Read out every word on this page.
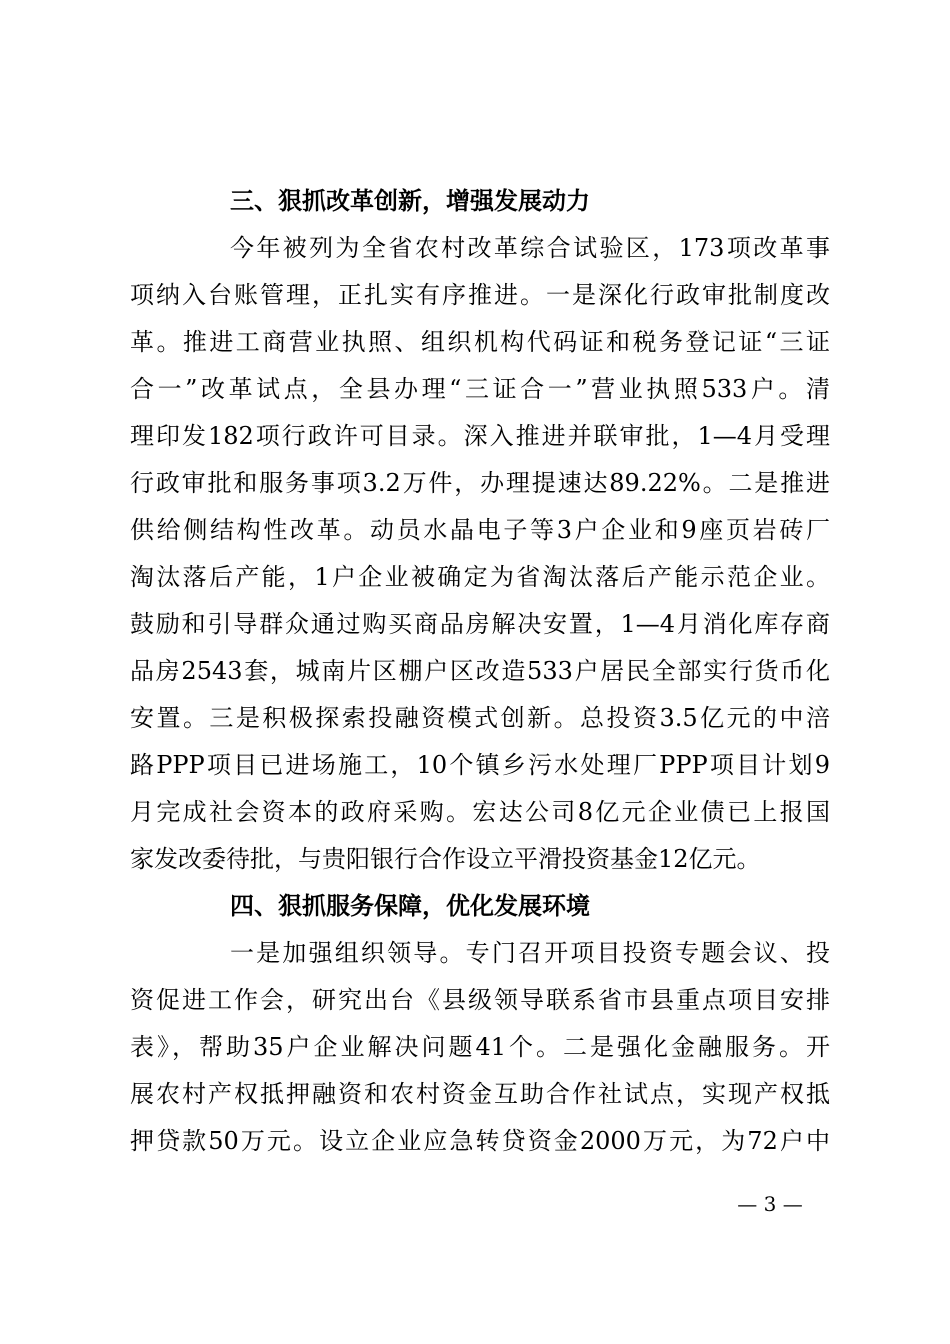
三、狠抓改革创新，增强发展动力
今年被列为全省农村改革综合试验区，173项改革事
项纳入台账管理，正扎实有序推进。一是深化行政审批制度改
革。推进工商营业执照、组织机构代码证和税务登记证“三证
合一”改革试点，全县办理“三证合一”营业执照533户。清
理印发182项行政许可目录。深入推进并联审批，1—4月受理
行政审批和服务事项3.2万件，办理提速达89.22%。二是推进
供给侧结构性改革。动员水晶电子等3户企业和9座页岩砖厂
淘汰落后产能，1户企业被确定为省淘汰落后产能示范企业。
鼓励和引导群众通过购买商品房解决安置，1—4月消化库存商
品房2543套，城南片区棚户区改造533户居民全部实行货币化
安置。三是积极探索投融资模式创新。总投资3.5亿元的中涪
路PPP项目已进场施工，10个镇乡污水处理厂PPP项目计划9
月完成社会资本的政府采购。宏达公司8亿元企业债已上报国
家发改委待批，与贵阳银行合作设立平滑投资基金12亿元。
四、狠抓服务保障，优化发展环境
一是加强组织领导。专门召开项目投资专题会议、投
资促进工作会，研究出台《县级领导联系省市县重点项目安排
表》，帮助35户企业解决问题41个。二是强化金融服务。开
展农村产权抵押融资和农村资金互助合作社试点，实现产权抵
押贷款50万元。设立企业应急转贷资金2000万元，为72户中
— 3 —
